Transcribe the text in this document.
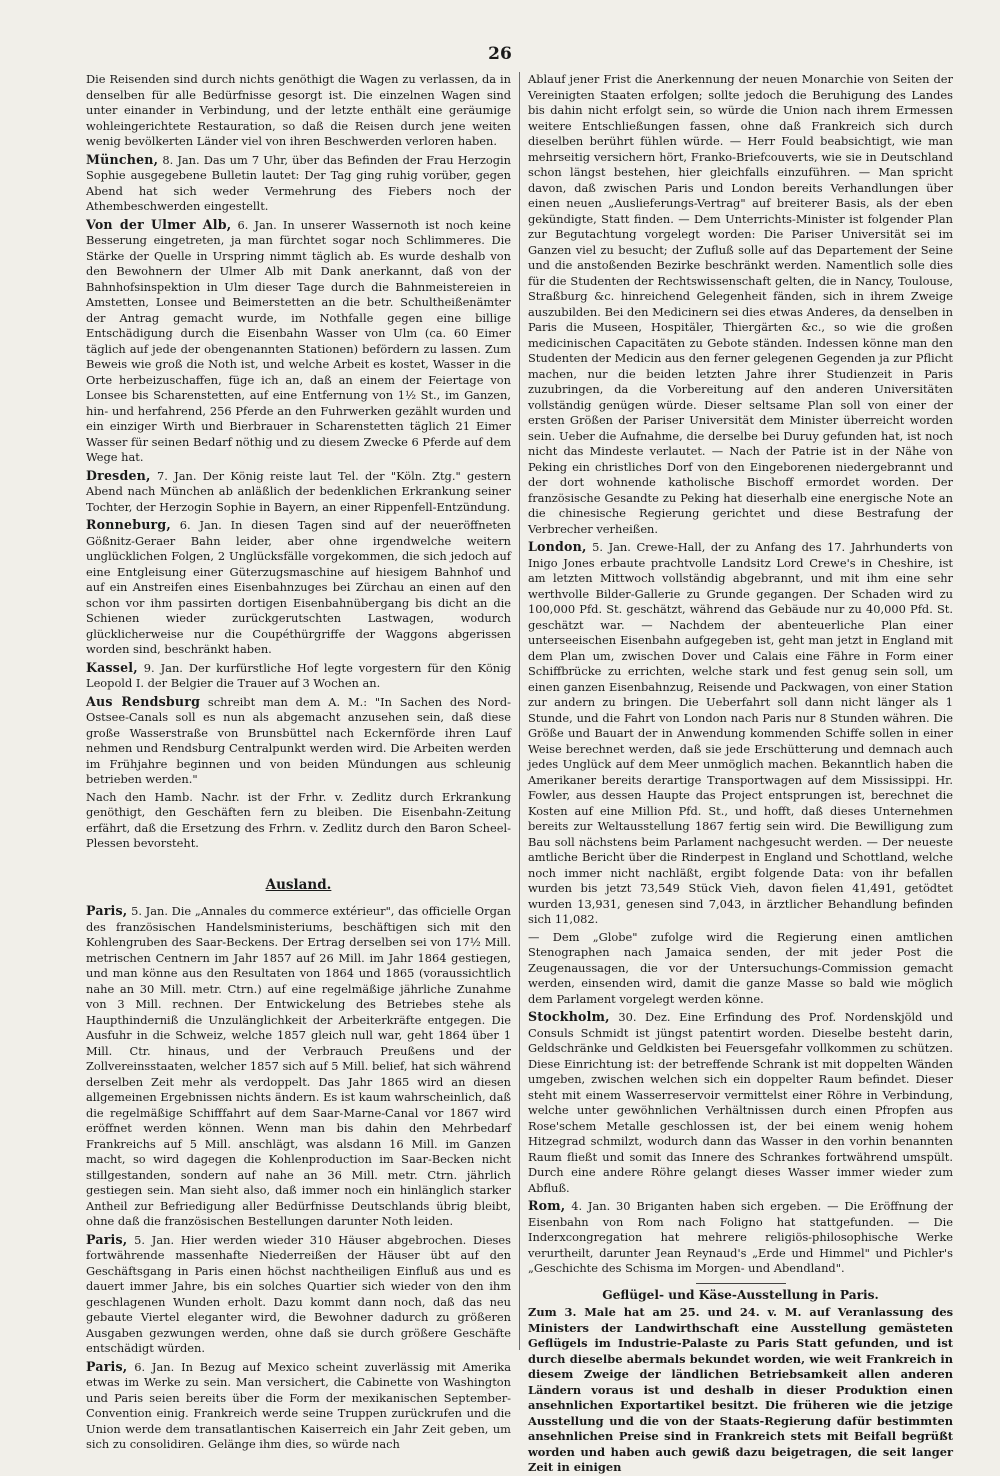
26

Die Reisenden sind durch nichts genöthigt die Wagen zu verlassen, da in denselben für alle Bedürfnisse gesorgt ist. Die einzelnen Wagen sind unter einander in Verbindung, und der letzte enthält eine geräumige wohleingerichtete Restauration, so daß die Reisen durch jene weiten wenig bevölkerten Länder viel von ihren Beschwerden verloren haben.

München, 8. Jan. Das um 7 Uhr, über das Befinden der Frau Herzogin Sophie ausgegebene Bulletin lautet: Der Tag ging ruhig vorüber, gegen Abend hat sich weder Vermehrung des Fiebers noch der Athembeschwerden eingestellt.

Von der Ulmer Alb, 6. Jan. In unserer Wassernoth ist noch keine Besserung eingetreten, ja man fürchtet sogar noch Schlimmeres. Die Stärke der Quelle in Urspring nimmt täglich ab. Es wurde deshalb von den Bewohnern der Ulmer Alb mit Dank anerkannt, daß von der Bahnhofsinspektion in Ulm dieser Tage durch die Bahnmeistereien in Amstetten, Lonsee und Beimerstetten an die betr. Schultheißenämter der Antrag gemacht wurde, im Nothfalle gegen eine billige Entschädigung durch die Eisenbahn Wasser von Ulm (ca. 60 Eimer täglich auf jede der obengenannten Stationen) befördern zu lassen. Zum Beweis wie groß die Noth ist, und welche Arbeit es kostet, Wasser in die Orte herbeizuschaffen, füge ich an, daß an einem der Feiertage von Lonsee bis Scharenstetten, auf eine Entfernung von 1½ St., im Ganzen, hin- und herfahrend, 256 Pferde an den Fuhrwerken gezählt wurden und ein einziger Wirth und Bierbrauer in Scharenstetten täglich 21 Eimer Wasser für seinen Bedarf nöthig und zu diesem Zwecke 6 Pferde auf dem Wege hat.

Dresden, 7. Jan. Der König reiste laut Tel. der "Köln. Ztg." gestern Abend nach München ab anläßlich der bedenklichen Erkrankung seiner Tochter, der Herzogin Sophie in Bayern, an einer Rippenfell-Entzündung.

Ronneburg, 6. Jan. In diesen Tagen sind auf der neueröffneten Gößnitz-Geraer Bahn leider, aber ohne irgendwelche weitern unglücklichen Folgen, 2 Unglücksfälle vorgekommen, die sich jedoch auf eine Entgleisung einer Güterzugsmaschine auf hiesigem Bahnhof und auf ein Anstreifen eines Eisenbahnzuges bei Zürchau an einen auf den schon vor ihm passirten dortigen Eisenbahnübergang bis dicht an die Schienen wieder zurückgerutschten Lastwagen, wodurch glücklicherweise nur die Coupéthürgriffe der Waggons abgerissen worden sind, beschränkt haben.

Kassel, 9. Jan. Der kurfürstliche Hof legte vorgestern für den König Leopold I. der Belgier die Trauer auf 3 Wochen an.

Aus Rendsburg schreibt man dem A. M.: "In Sachen des Nord-Ostsee-Canals soll es nun als abgemacht anzusehen sein, daß diese große Wasserstraße von Brunsbüttel nach Eckernförde ihren Lauf nehmen und Rendsburg Centralpunkt werden wird. Die Arbeiten werden im Frühjahre beginnen und von beiden Mündungen aus schleunig betrieben werden."

Nach den Hamb. Nachr. ist der Frhr. v. Zedlitz durch Erkrankung genöthigt, den Geschäften fern zu bleiben. Die Eisenbahn-Zeitung erfährt, daß die Ersetzung des Frhrn. v. Zedlitz durch den Baron Scheel-Plessen bevorsteht.

Ausland.

Paris, 5. Jan. Die „Annales du commerce extérieur", das officielle Organ des französischen Handelsministeriums, beschäftigen sich mit den Kohlengruben des Saar-Beckens. Der Ertrag derselben sei von 17½ Mill. metrischen Centnern im Jahr 1857 auf 26 Mill. im Jahr 1864 gestiegen, und man könne aus den Resultaten von 1864 und 1865 (voraussichtlich nahe an 30 Mill. metr. Ctrn.) auf eine regelmäßige jährliche Zunahme von 3 Mill. rechnen. Der Entwickelung des Betriebes stehe als Haupthinderniß die Unzulänglichkeit der Arbeiterkräfte entgegen. Die Ausfuhr in die Schweiz, welche 1857 gleich null war, geht 1864 über 1 Mill. Ctr. hinaus, und der Verbrauch Preußens und der Zollvereinsstaaten, welcher 1857 sich auf 5 Mill. belief, hat sich während derselben Zeit mehr als verdoppelt. Das Jahr 1865 wird an diesen allgemeinen Ergebnissen nichts ändern. Es ist kaum wahrscheinlich, daß die regelmäßige Schifffahrt auf dem Saar-Marne-Canal vor 1867 wird eröffnet werden können. Wenn man bis dahin den Mehrbedarf Frankreichs auf 5 Mill. anschlägt, was alsdann 16 Mill. im Ganzen macht, so wird dagegen die Kohlenproduction im Saar-Becken nicht stillgestanden, sondern auf nahe an 36 Mill. metr. Ctrn. jährlich gestiegen sein. Man sieht also, daß immer noch ein hinlänglich starker Antheil zur Befriedigung aller Bedürfnisse Deutschlands übrig bleibt, ohne daß die französischen Bestellungen darunter Noth leiden.

Paris, 5. Jan. Hier werden wieder 310 Häuser abgebrochen. Dieses fortwährende massenhafte Niederreißen der Häuser übt auf den Geschäftsgang in Paris einen höchst nachtheiligen Einfluß aus und es dauert immer Jahre, bis ein solches Quartier sich wieder von den ihm geschlagenen Wunden erholt. Dazu kommt dann noch, daß das neu gebaute Viertel eleganter wird, die Bewohner dadurch zu größeren Ausgaben gezwungen werden, ohne daß sie durch größere Geschäfte entschädigt würden.

Paris, 6. Jan. In Bezug auf Mexico scheint zuverlässig mit Amerika etwas im Werke zu sein. Man versichert, die Cabinette von Washington und Paris seien bereits über die Form der mexikanischen September-Convention einig. Frankreich werde seine Truppen zurückrufen und die Union werde dem transatlantischen Kaiserreich ein Jahr Zeit geben, um sich zu consolidiren. Gelänge ihm dies, so würde nach

Ablauf jener Frist die Anerkennung der neuen Monarchie von Seiten der Vereinigten Staaten erfolgen; sollte jedoch die Beruhigung des Landes bis dahin nicht erfolgt sein, so würde die Union nach ihrem Ermessen weitere Entschließungen fassen, ohne daß Frankreich sich durch dieselben berührt fühlen würde. — Herr Fould beabsichtigt, wie man mehrseitig versichern hört, Franko-Briefcouverts, wie sie in Deutschland schon längst bestehen, hier gleichfalls einzuführen. — Man spricht davon, daß zwischen Paris und London bereits Verhandlungen über einen neuen „Auslieferungs-Vertrag" auf breiterer Basis, als der eben gekündigte, Statt finden. — Dem Unterrichts-Minister ist folgender Plan zur Begutachtung vorgelegt worden: Die Pariser Universität sei im Ganzen viel zu besucht; der Zufluß solle auf das Departement der Seine und die anstoßenden Bezirke beschränkt werden. Namentlich solle dies für die Studenten der Rechtswissenschaft gelten, die in Nancy, Toulouse, Straßburg &c. hinreichend Gelegenheit fänden, sich in ihrem Zweige auszubilden. Bei den Medicinern sei dies etwas Anderes, da denselben in Paris die Museen, Hospitäler, Thiergärten &c., so wie die großen medicinischen Capacitäten zu Gebote ständen. Indessen könne man den Studenten der Medicin aus den ferner gelegenen Gegenden ja zur Pflicht machen, nur die beiden letzten Jahre ihrer Studienzeit in Paris zuzubringen, da die Vorbereitung auf den anderen Universitäten vollständig genügen würde. Dieser seltsame Plan soll von einer der ersten Größen der Pariser Universität dem Minister überreicht worden sein. Ueber die Aufnahme, die derselbe bei Duruy gefunden hat, ist noch nicht das Mindeste verlautet. — Nach der Patrie ist in der Nähe von Peking ein christliches Dorf von den Eingeborenen niedergebrannt und der dort wohnende katholische Bischoff ermordet worden. Der französische Gesandte zu Peking hat dieserhalb eine energische Note an die chinesische Regierung gerichtet und diese Bestrafung der Verbrecher verheißen.

London, 5. Jan. Crewe-Hall, der zu Anfang des 17. Jahrhunderts von Inigo Jones erbaute prachtvolle Landsitz Lord Crewe's in Cheshire, ist am letzten Mittwoch vollständig abgebrannt, und mit ihm eine sehr werthvolle Bilder-Gallerie zu Grunde gegangen. Der Schaden wird zu 100,000 Pfd. St. geschätzt, während das Gebäude nur zu 40,000 Pfd. St. geschätzt war. — Nachdem der abenteuerliche Plan einer unterseeischen Eisenbahn aufgegeben ist, geht man jetzt in England mit dem Plan um, zwischen Dover und Calais eine Fähre in Form einer Schiffbrücke zu errichten, welche stark und fest genug sein soll, um einen ganzen Eisenbahnzug, Reisende und Packwagen, von einer Station zur andern zu bringen. Die Ueberfahrt soll dann nicht länger als 1 Stunde, und die Fahrt von London nach Paris nur 8 Stunden währen. Die Größe und Bauart der in Anwendung kommenden Schiffe sollen in einer Weise berechnet werden, daß sie jede Erschütterung und demnach auch jedes Unglück auf dem Meer unmöglich machen. Bekanntlich haben die Amerikaner bereits derartige Transportwagen auf dem Mississippi. Hr. Fowler, aus dessen Haupte das Project entsprungen ist, berechnet die Kosten auf eine Million Pfd. St., und hofft, daß dieses Unternehmen bereits zur Weltausstellung 1867 fertig sein wird. Die Bewilligung zum Bau soll nächstens beim Parlament nachgesucht werden. — Der neueste amtliche Bericht über die Rinderpest in England und Schottland, welche noch immer nicht nachläßt, ergibt folgende Data: von ihr befallen wurden bis jetzt 73,549 Stück Vieh, davon fielen 41,491, getödtet wurden 13,931, genesen sind 7,043, in ärztlicher Behandlung befinden sich 11,082.

— Dem „Globe" zufolge wird die Regierung einen amtlichen Stenographen nach Jamaica senden, der mit jeder Post die Zeugenaussagen, die vor der Untersuchungs-Commission gemacht werden, einsenden wird, damit die ganze Masse so bald wie möglich dem Parlament vorgelegt werden könne.

Stockholm, 30. Dez. Eine Erfindung des Prof. Nordenskjöld und Consuls Schmidt ist jüngst patentirt worden. Dieselbe besteht darin, Geldschränke und Geldkisten bei Feuersgefahr vollkommen zu schützen. Diese Einrichtung ist: der betreffende Schrank ist mit doppelten Wänden umgeben, zwischen welchen sich ein doppelter Raum befindet. Dieser steht mit einem Wasserreservoir vermittelst einer Röhre in Verbindung, welche unter gewöhnlichen Verhältnissen durch einen Pfropfen aus Rose'schem Metalle geschlossen ist, der bei einem wenig hohem Hitzegrad schmilzt, wodurch dann das Wasser in den vorhin benannten Raum fließt und somit das Innere des Schrankes fortwährend umspült. Durch eine andere Röhre gelangt dieses Wasser immer wieder zum Abfluß.

Rom, 4. Jan. 30 Briganten haben sich ergeben. — Die Eröffnung der Eisenbahn von Rom nach Foligno hat stattgefunden. — Die Inderxcongregation hat mehrere religiös-philosophische Werke verurtheilt, darunter Jean Reynaud's „Erde und Himmel" und Pichler's „Geschichte des Schisma im Morgen- und Abendland".

Geflügel- und Käse-Ausstellung in Paris.

Zum 3. Male hat am 25. und 24. v. M. auf Veranlassung des Ministers der Landwirthschaft eine Ausstellung gemästeten Geflügels im Industrie-Palaste zu Paris Statt gefunden, und ist durch dieselbe abermals bekundet worden, wie weit Frankreich in diesem Zweige der ländlichen Betriebsamkeit allen anderen Ländern voraus ist und deshalb in dieser Produktion einen ansehnlichen Exportartikel besitzt. Die früheren wie die jetzige Ausstellung und die von der Staats-Regierung dafür bestimmten ansehnlichen Preise sind in Frankreich stets mit Beifall begrüßt worden und haben auch gewiß dazu beigetragen, die seit langer Zeit in einigen
